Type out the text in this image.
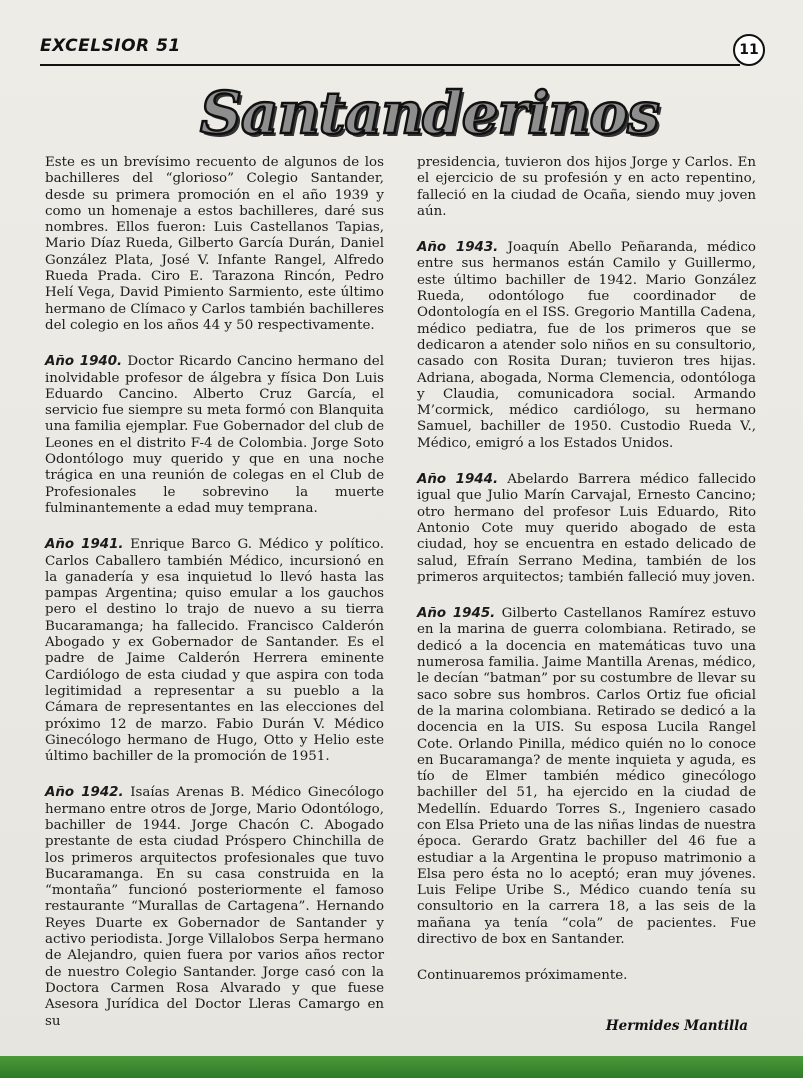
EXCELSIOR 51	11
Santanderinos

Este es un brevísimo recuento de algunos de los bachilleres del “glorioso” Colegio Santander, desde su primera promoción en el año 1939 y como un homenaje a estos bachilleres, daré sus nombres. Ellos fueron: Luis Castellanos Tapias, Mario Díaz Rueda, Gilberto García Durán, Daniel González Plata, José V. Infante Rangel, Alfredo Rueda Prada. Ciro E. Tarazona Rincón, Pedro Helí Vega, David Pimiento Sarmiento, este último hermano de Clímaco y Carlos también bachilleres del colegio en los años 44 y 50 respectivamente.

Año 1940. Doctor Ricardo Cancino hermano del inolvidable profesor de álgebra y física Don Luis Eduardo Cancino. Alberto Cruz García, el servicio fue siempre su meta formó con Blanquita una familia ejemplar. Fue Gobernador del club de Leones en el distrito F-4 de Colombia. Jorge Soto Odontólogo muy querido y que en una noche trágica en una reunión de colegas en el Club de Profesionales le sobrevino la muerte fulminantemente a edad muy temprana.

Año 1941. Enrique Barco G. Médico y político. Carlos Caballero también Médico, incursionó en la ganadería y esa inquietud lo llevó hasta las pampas Argentina; quiso emular a los gauchos pero el destino lo trajo de nuevo a su tierra Bucaramanga; ha fallecido. Francisco Calderón Abogado y ex Gobernador de Santander. Es el padre de Jaime Calderón Herrera eminente Cardiólogo de esta ciudad y que aspira con toda legitimidad a representar a su pueblo a la Cámara de representantes en las elecciones del próximo 12 de marzo. Fabio Durán V. Médico Ginecólogo hermano de Hugo, Otto y Helio este último bachiller de la promoción de 1951.

Año 1942. Isaías Arenas B. Médico Ginecólogo hermano entre otros de Jorge, Mario Odontólogo, bachiller de 1944. Jorge Chacón C. Abogado prestante de esta ciudad Próspero Chinchilla de los primeros arquitectos profesionales que tuvo Bucaramanga. En su casa construida en la “montaña” funcionó posteriormente el famoso restaurante “Murallas de Cartagena”. Hernando Reyes Duarte ex Gobernador de Santander y activo periodista. Jorge Villalobos Serpa hermano de Alejandro, quien fuera por varios años rector de nuestro Colegio Santander. Jorge casó con la Doctora Carmen Rosa Alvarado y que fuese Asesora Jurídica del Doctor Lleras Camargo en su

presidencia, tuvieron dos hijos Jorge y Carlos. En el ejercicio de su profesión y en acto repentino, falleció en la ciudad de Ocaña, siendo muy joven aún.

Año 1943. Joaquín Abello Peñaranda, médico entre sus hermanos están Camilo y Guillermo, este último bachiller de 1942. Mario González Rueda, odontólogo fue coordinador de Odontología en el ISS. Gregorio Mantilla Cadena, médico pediatra, fue de los primeros que se dedicaron a atender solo niños en su consultorio, casado con Rosita Duran; tuvieron tres hijas. Adriana, abogada, Norma Clemencia, odontóloga y Claudia, comunicadora social. Armando M’cormick, médico cardiólogo, su hermano Samuel, bachiller de 1950. Custodio Rueda V., Médico, emigró a los Estados Unidos.

Año 1944. Abelardo Barrera médico fallecido igual que Julio Marín Carvajal, Ernesto Cancino; otro hermano del profesor Luis Eduardo, Rito Antonio Cote muy querido abogado de esta ciudad, hoy se encuentra en estado delicado de salud, Efraín Serrano Medina, también de los primeros arquitectos; también falleció muy joven.

Año 1945. Gilberto Castellanos Ramírez estuvo en la marina de guerra colombiana. Retirado, se dedicó a la docencia en matemáticas tuvo una numerosa familia. Jaime Mantilla Arenas, médico, le decían “batman” por su costumbre de llevar su saco sobre sus hombros. Carlos Ortiz fue oficial de la marina colombiana. Retirado se dedicó a la docencia en la UIS. Su esposa Lucila Rangel Cote. Orlando Pinilla, médico quién no lo conoce en Bucaramanga? de mente inquieta y aguda, es tío de Elmer también médico ginecólogo bachiller del 51, ha ejercido en la ciudad de Medellín. Eduardo Torres S., Ingeniero casado con Elsa Prieto una de las niñas lindas de nuestra época. Gerardo Gratz bachiller del 46 fue a estudiar a la Argentina le propuso matrimonio a Elsa pero ésta no lo aceptó; eran muy jóvenes. Luis Felipe Uribe S., Médico cuando tenía su consultorio en la carrera 18, a las seis de la mañana ya tenía “cola” de pacientes. Fue directivo de box en Santander.

Continuaremos próximamente.

Hermides Mantilla
